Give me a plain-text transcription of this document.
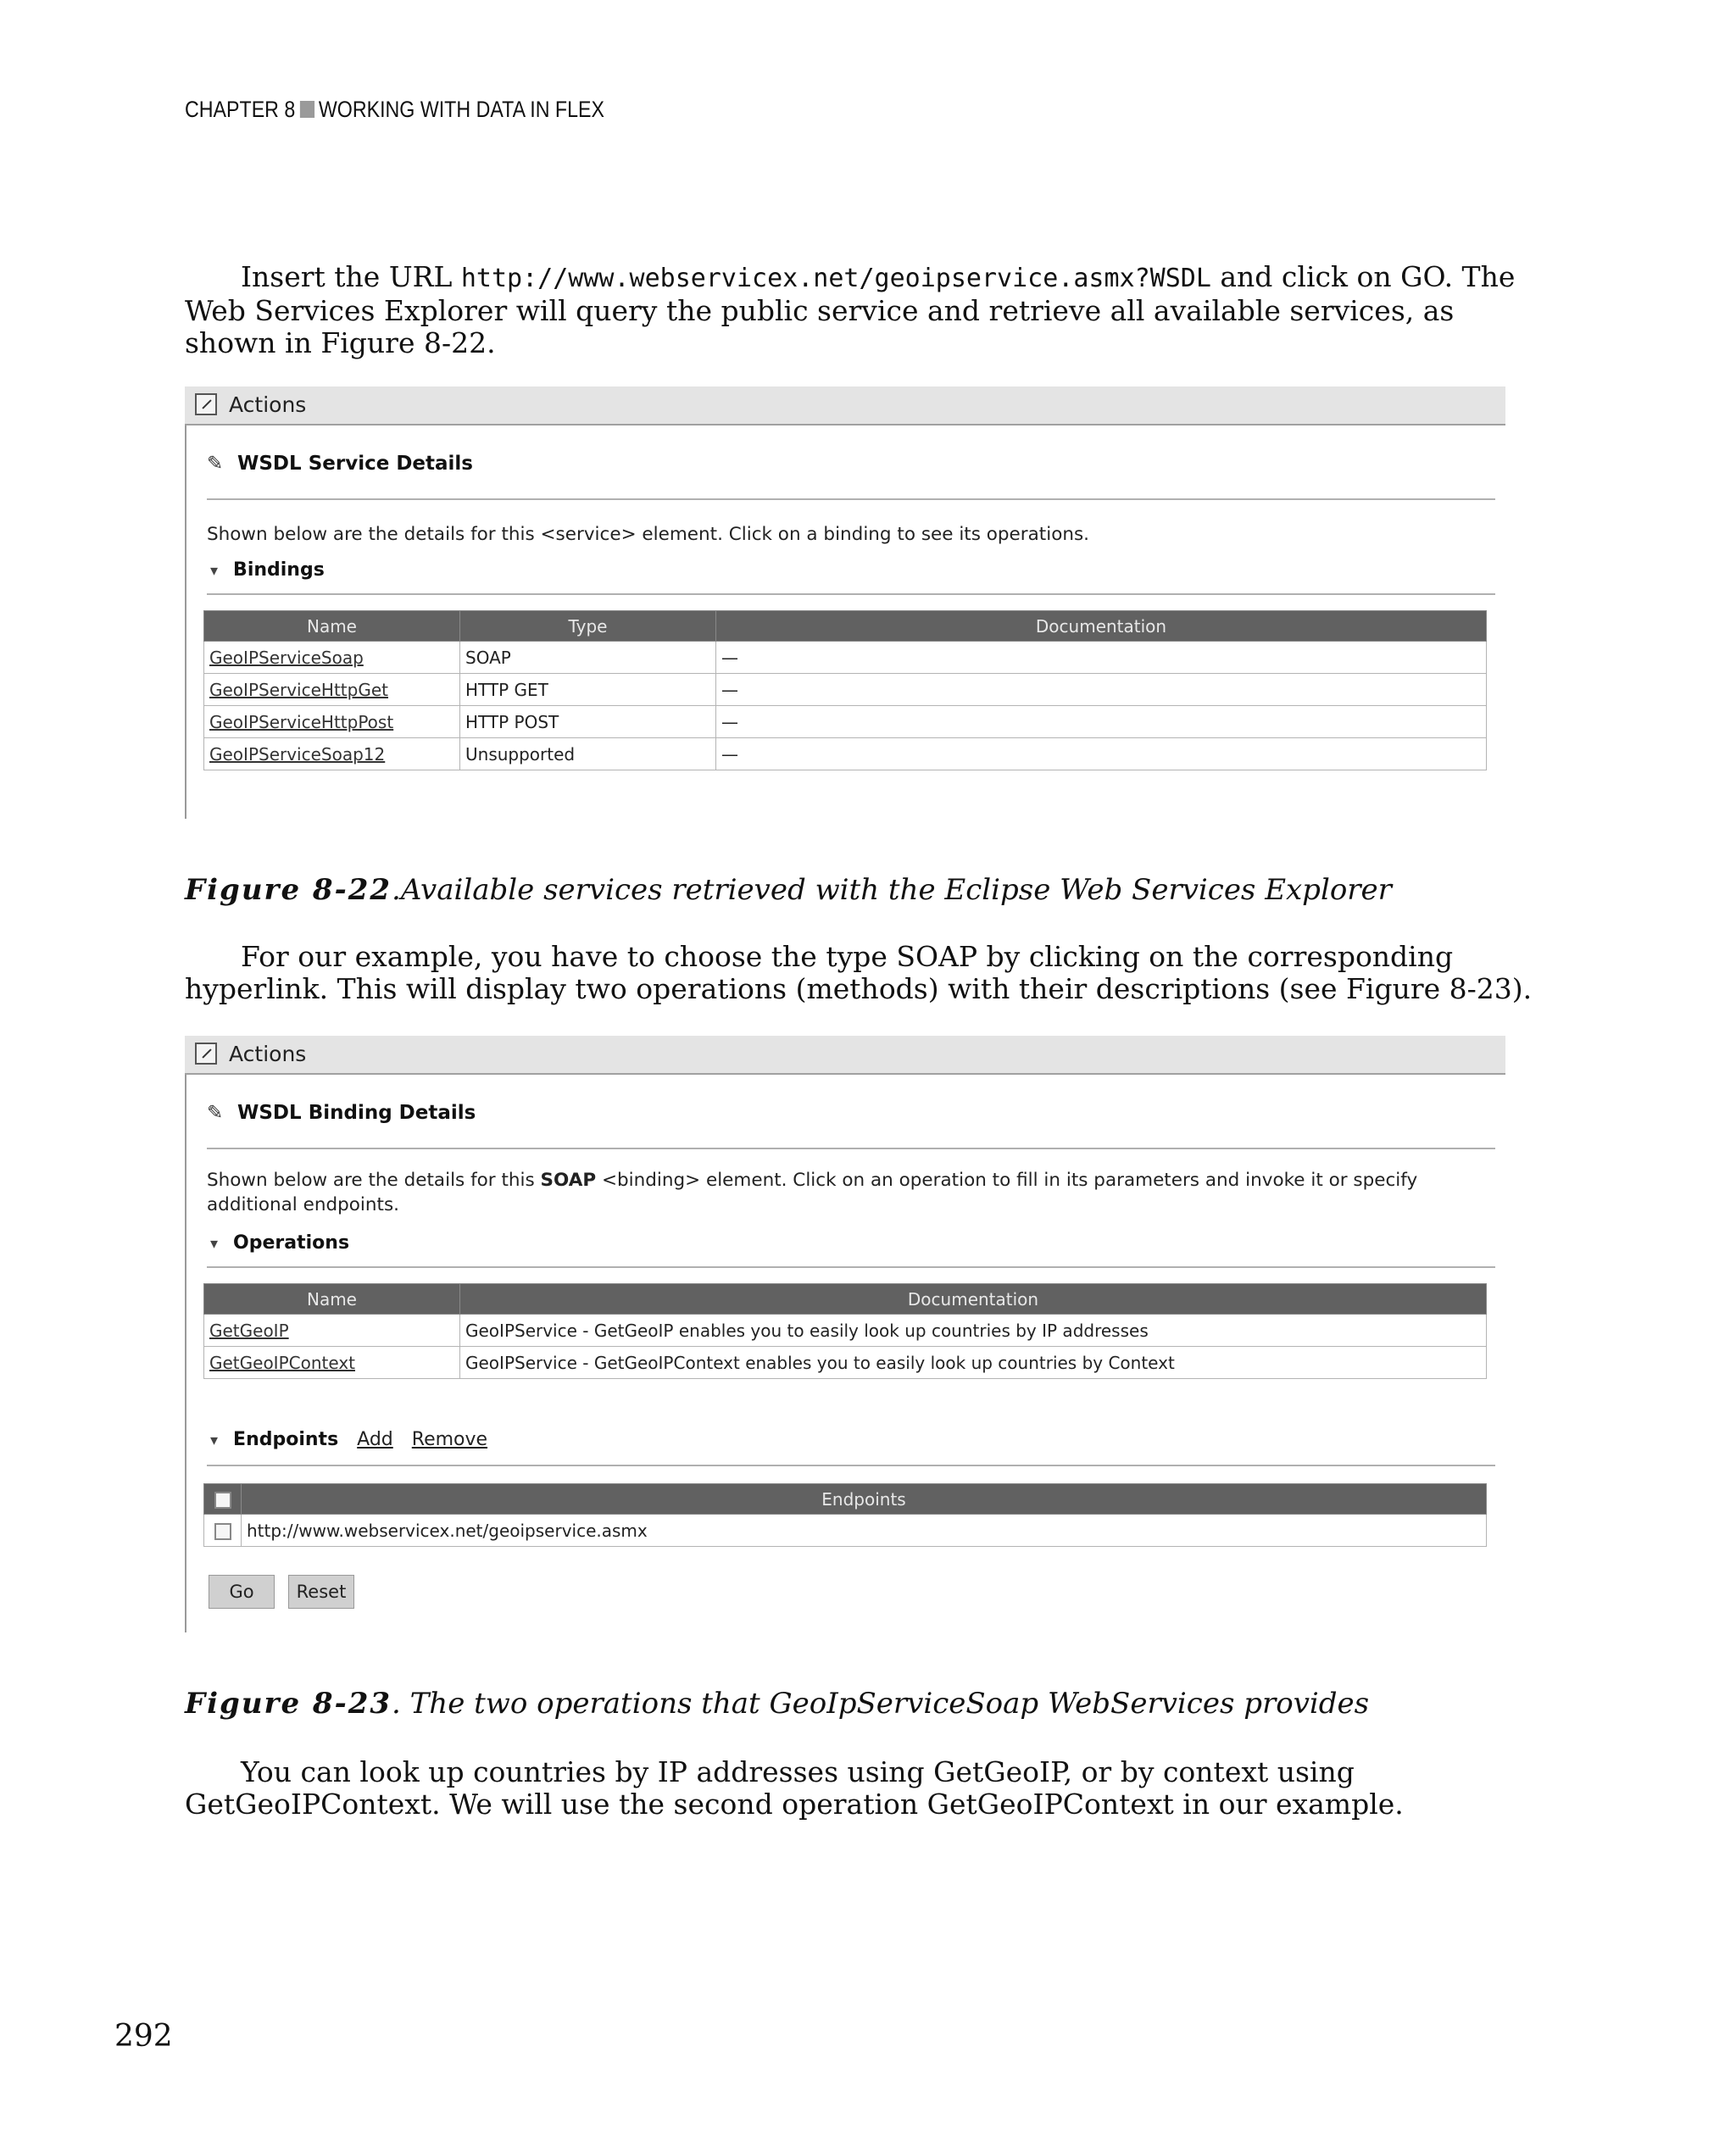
CHAPTER 8 WORKING WITH DATA IN FLEX

Insert the URL http://www.webservicex.net/geoipservice.asmx?WSDL and click on GO. The Web Services Explorer will query the public service and retrieve all available services, as shown in Figure 8-22.

Actions
✎ WSDL Service Details
Shown below are the details for this <service> element. Click on a binding to see its operations.
▾ Bindings
Name	Type	Documentation
GeoIPServiceSoap	SOAP	—
GeoIPServiceHttpGet	HTTP GET	—
GeoIPServiceHttpPost	HTTP POST	—
GeoIPServiceSoap12	Unsupported	—

Figure 8-22.Available services retrieved with the Eclipse Web Services Explorer

For our example, you have to choose the type SOAP by clicking on the corresponding hyperlink. This will display two operations (methods) with their descriptions (see Figure 8-23).

Actions
✎ WSDL Binding Details
Shown below are the details for this SOAP <binding> element. Click on an operation to fill in its parameters and invoke it or specify additional endpoints.
▾ Operations
Name	Documentation
GetGeoIP	GeoIPService - GetGeoIP enables you to easily look up countries by IP addresses
GetGeoIPContext	GeoIPService - GetGeoIPContext enables you to easily look up countries by Context
▾ Endpoints Add Remove
	Endpoints
	http://www.webservicex.net/geoipservice.asmx
Go	Reset

Figure 8-23. The two operations that GeoIpServiceSoap WebServices provides

You can look up countries by IP addresses using GetGeoIP, or by context using GetGeoIPContext. We will use the second operation GetGeoIPContext in our example.

292
